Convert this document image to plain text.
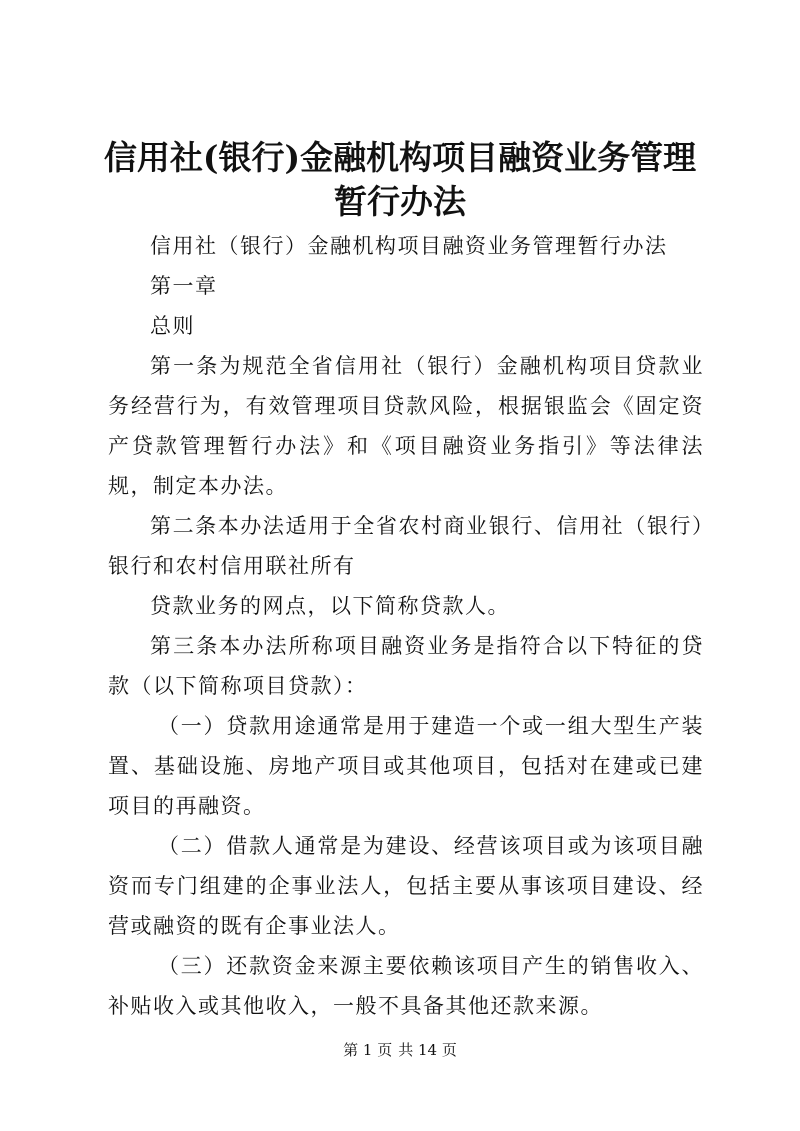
信用社(银行)金融机构项目融资业务管理暂行办法

信用社（银行）金融机构项目融资业务管理暂行办法

第一章

总则

第一条为规范全省信用社（银行）金融机构项目贷款业务经营行为，有效管理项目贷款风险，根据银监会《固定资产贷款管理暂行办法》和《项目融资业务指引》等法律法规，制定本办法。

第二条本办法适用于全省农村商业银行、信用社（银行）银行和农村信用联社所有

贷款业务的网点，以下简称贷款人。

第三条本办法所称项目融资业务是指符合以下特征的贷款（以下简称项目贷款）：

（一）贷款用途通常是用于建造一个或一组大型生产装置、基础设施、房地产项目或其他项目，包括对在建或已建项目的再融资。

（二）借款人通常是为建设、经营该项目或为该项目融资而专门组建的企事业法人，包括主要从事该项目建设、经营或融资的既有企事业法人。

（三）还款资金来源主要依赖该项目产生的销售收入、补贴收入或其他收入，一般不具备其他还款来源。

第 1 页 共 14 页
